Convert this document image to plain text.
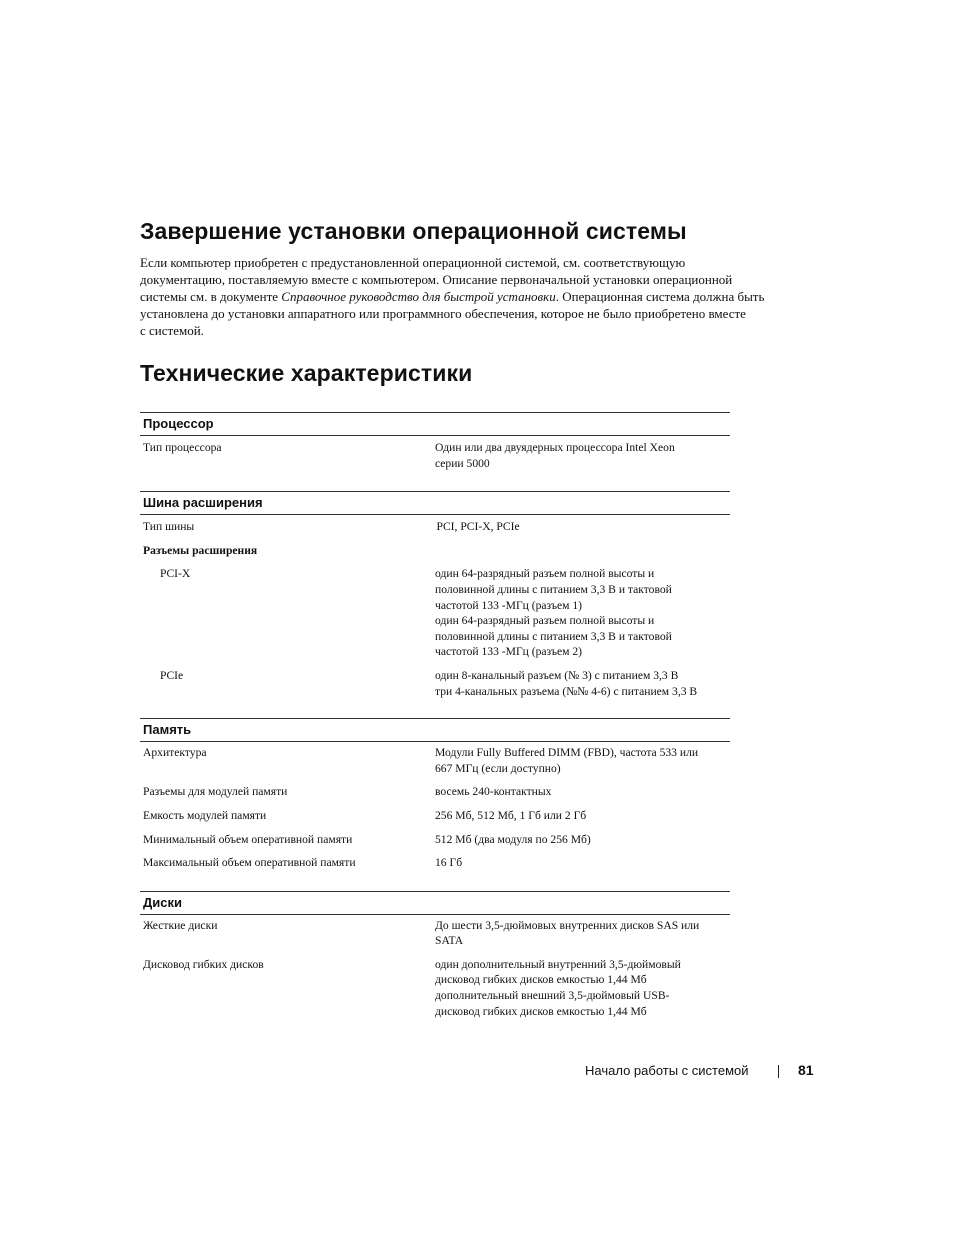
Завершение установки операционной системы

Если компьютер приобретен с предустановленной операционной системой, см. соответствующую
документацию, поставляемую вместе с компьютером. Описание первоначальной установки операционной
системы см. в документе Справочное руководство для быстрой установки. Операционная система должна быть
установлена до установки аппаратного или программного обеспечения, которое не было приобретено вместе
с системой.

Технические характеристики
Процессор
Тип процессора	Один или два двуядерных процессора Intel Xeon
серии 5000
Шина расширения
Тип шины	PCI, PCI-X, PCIe
Разъемы расширения
PCI-X	один 64-разрядный разъем полной высоты и
половинной длины с питанием 3,3 В и тактовой
частотой 133 -МГц (разъем 1)
один 64-разрядный разъем полной высоты и
половинной длины с питанием 3,3 В и тактовой
частотой 133 -МГц (разъем 2)
PCIe	один 8-канальный разъем (№ 3) с питанием 3,3 В
три 4-канальных разъема (№№ 4-6) с питанием 3,3 В
Память
Архитектура	Модули Fully Buffered DIMM (FBD), частота 533 или
667 МГц (если доступно)
Разъемы для модулей памяти	восемь 240-контактных
Емкость модулей памяти	256 Мб, 512 Мб, 1 Гб или 2 Гб
Минимальный объем оперативной памяти	512 Мб (два модуля по 256 Мб)
Максимальный объем оперативной памяти	16 Гб
Диски
Жесткие диски	До шести 3,5-дюймовых внутренних дисков SAS или
SATA
Дисковод гибких дисков	один дополнительный внутренний 3,5-дюймовый
дисковод гибких дисков емкостью 1,44 Мб
дополнительный внешний 3,5-дюймовый USB-
дисковод гибких дисков емкостью 1,44 Мб
Начало работы с системой	81
